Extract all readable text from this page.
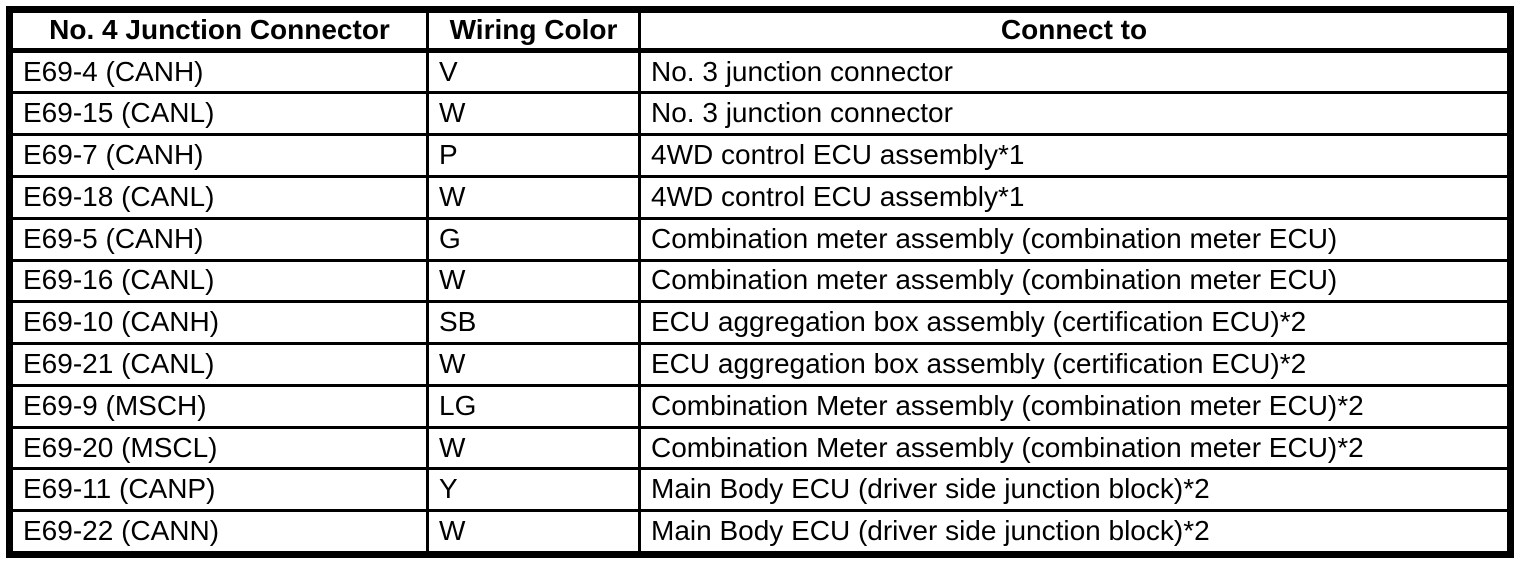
No. 4 Junction Connector	Wiring Color	Connect to
E69-4 (CANH)	V	No. 3 junction connector
E69-15 (CANL)	W	No. 3 junction connector
E69-7 (CANH)	P	4WD control ECU assembly*1
E69-18 (CANL)	W	4WD control ECU assembly*1
E69-5 (CANH)	G	Combination meter assembly (combination meter ECU)
E69-16 (CANL)	W	Combination meter assembly (combination meter ECU)
E69-10 (CANH)	SB	ECU aggregation box assembly (certification ECU)*2
E69-21 (CANL)	W	ECU aggregation box assembly (certification ECU)*2
E69-9 (MSCH)	LG	Combination Meter assembly (combination meter ECU)*2
E69-20 (MSCL)	W	Combination Meter assembly (combination meter ECU)*2
E69-11 (CANP)	Y	Main Body ECU (driver side junction block)*2
E69-22 (CANN)	W	Main Body ECU (driver side junction block)*2
